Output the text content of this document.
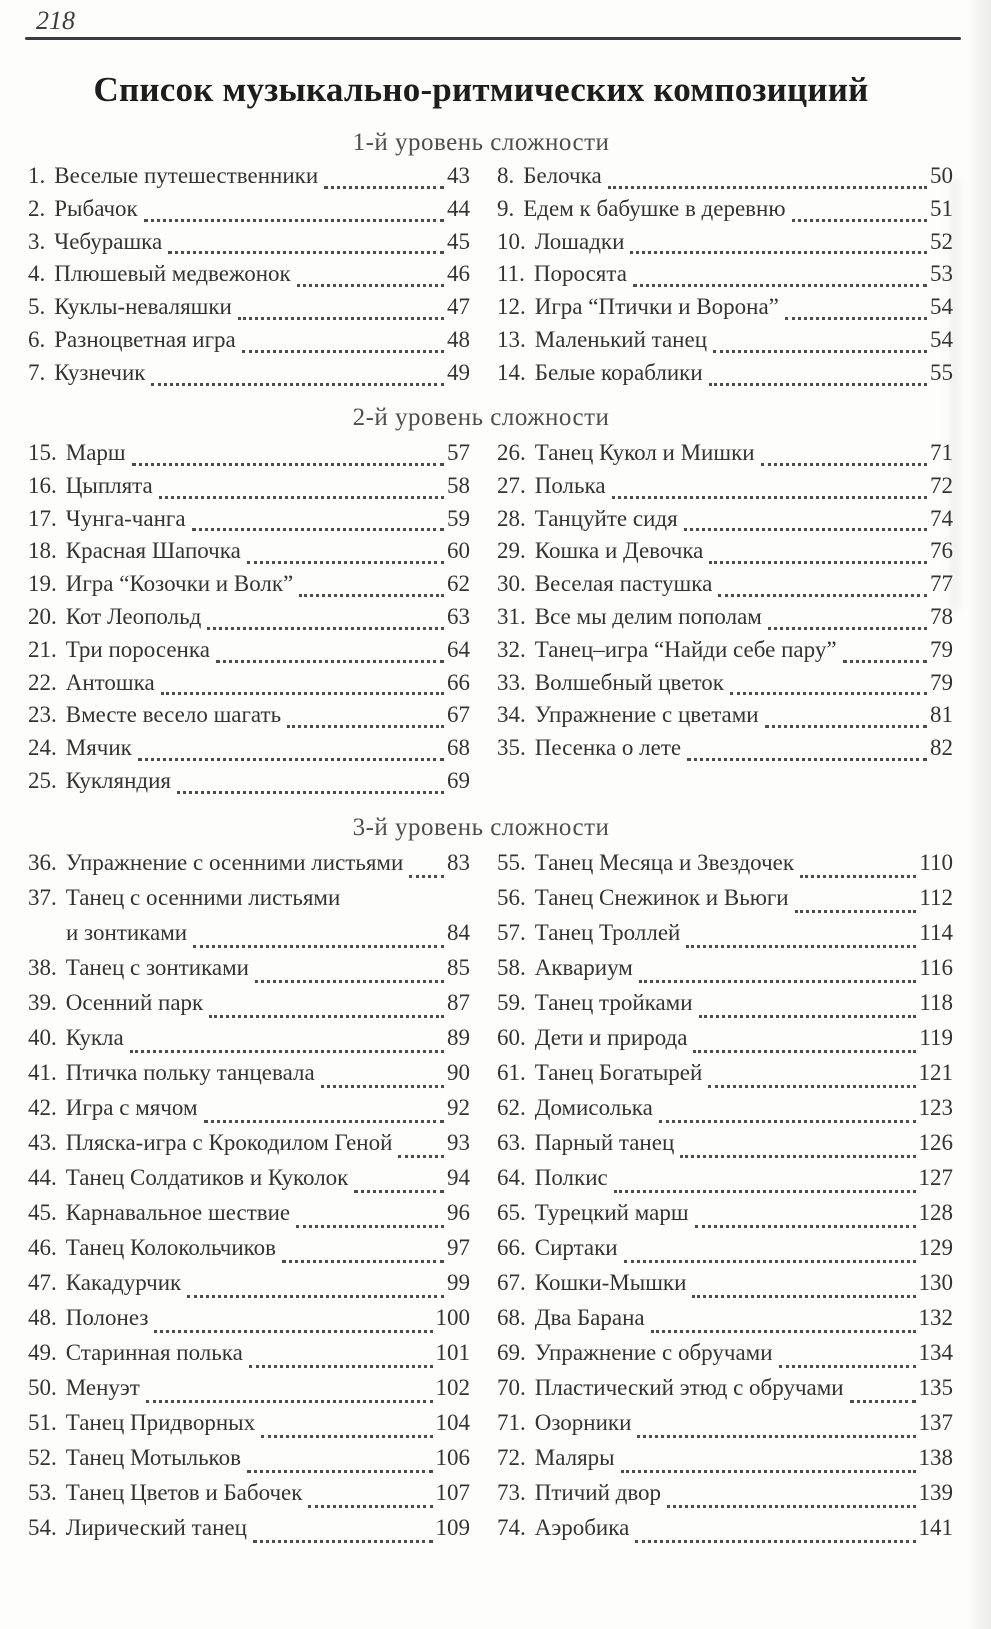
218
Список музыкально-ритмических композициий
1-й уровень сложности
1. Веселые путешественники	43
2. Рыбачок	44
3. Чебурашка	45
4. Плюшевый медвежонок	46
5. Куклы-неваляшки	47
6. Разноцветная игра	48
7. Кузнечик	49
8. Белочка	50
9. Едем к бабушке в деревню	51
10. Лошадки	52
11. Поросята	53
12. Игра “Птички и Ворона”	54
13. Маленький танец	54
14. Белые кораблики	55
2-й уровень сложности
15. Марш	57
16. Цыплята	58
17. Чунга-чанга	59
18. Красная Шапочка	60
19. Игра “Козочки и Волк”	62
20. Кот Леопольд	63
21. Три поросенка	64
22. Антошка	66
23. Вместе весело шагать	67
24. Мячик	68
25. Кукляндия	69
26. Танец Кукол и Мишки	71
27. Полька	72
28. Танцуйте сидя	74
29. Кошка и Девочка	76
30. Веселая пастушка	77
31. Все мы делим пополам	78
32. Танец–игра “Найди себе пару”	79
33. Волшебный цветок	79
34. Упражнение с цветами	81
35. Песенка о лете	82
3-й уровень сложности
36. Упражнение с осенними листьями 83
37. Танец с осенними листьями
и зонтиками	84
38. Танец с зонтиками	85
39. Осенний парк	87
40. Кукла	89
41. Птичка польку танцевала	90
42. Игра с мячом	92
43. Пляска-игра с Крокодилом Геной 93
44. Танец Солдатиков и Куколок	94
45. Карнавальное шествие	96
46. Танец Колокольчиков	97
47. Какадурчик	99
48. Полонез	100
49. Старинная полька	101
50. Менуэт	102
51. Танец Придворных	104
52. Танец Мотыльков	106
53. Танец Цветов и Бабочек	107
54. Лирический танец	109
55. Танец Месяца и Звездочек	110
56. Танец Снежинок и Вьюги	112
57. Танец Троллей	114
58. Аквариум	116
59. Танец тройками	118
60. Дети и природа	119
61. Танец Богатырей	121
62. Домисолька	123
63. Парный танец	126
64. Полкис	127
65. Турецкий марш	128
66. Сиртаки	129
67. Кошки-Мышки	130
68. Два Барана	132
69. Упражнение с обручами	134
70. Пластический этюд с обручами	135
71. Озорники	137
72. Маляры	138
73. Птичий двор	139
74. Аэробика	141
